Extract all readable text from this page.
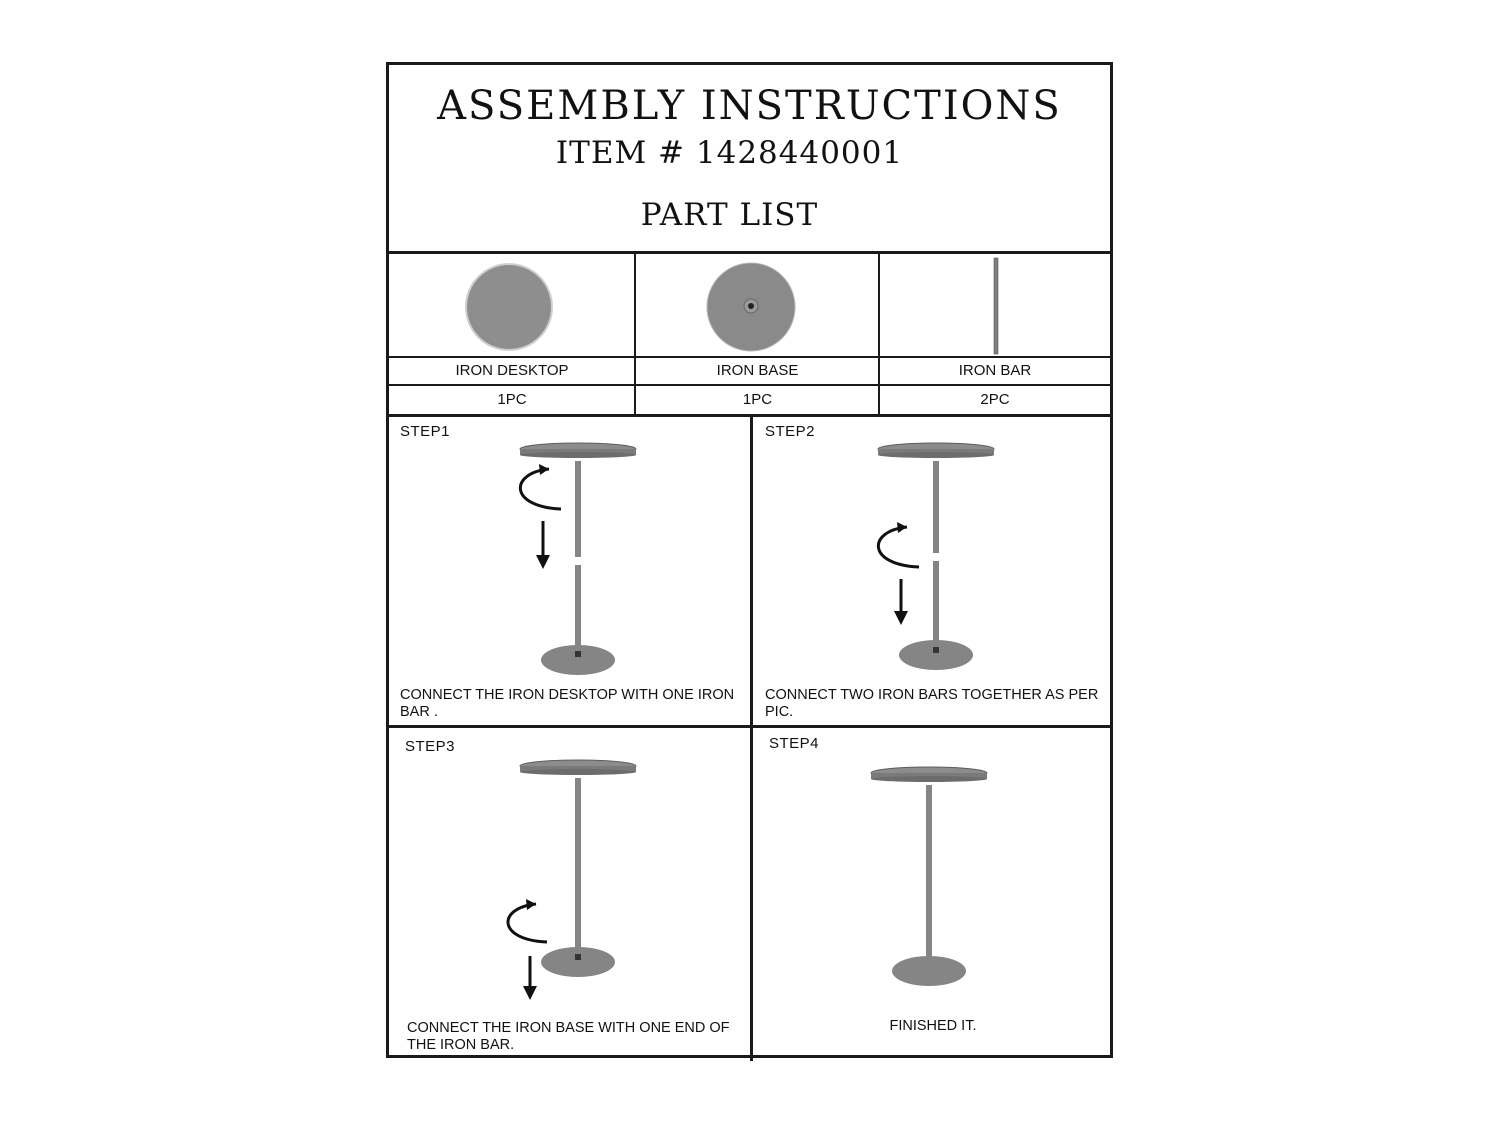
ASSEMBLY INSTRUCTIONS
ITEM # 1428440001
PART LIST
IRON DESKTOP
1PC
IRON BASE
1PC
IRON BAR
2PC
STEP1
CONNECT THE IRON DESKTOP WITH ONE IRON BAR .
STEP2
CONNECT TWO IRON BARS TOGETHER AS PER PIC.
STEP3
CONNECT THE IRON BASE WITH ONE END OF THE IRON BAR.
STEP4
FINISHED IT.
